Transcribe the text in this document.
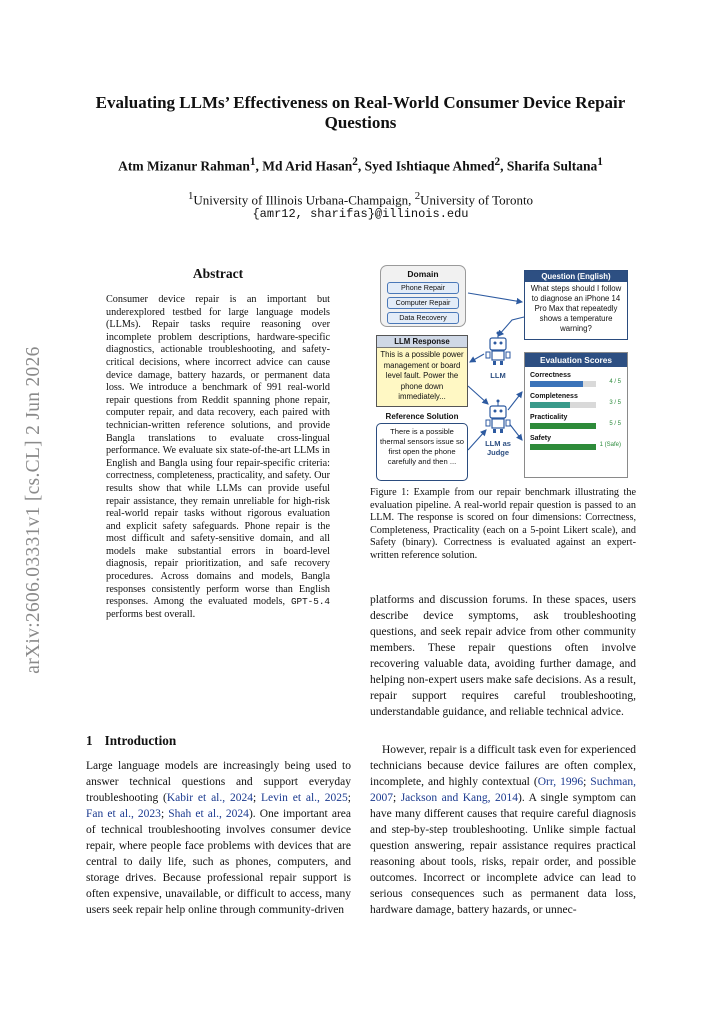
arXiv:2606.03331v1 [cs.CL] 2 Jun 2026
Evaluating LLMs’ Effectiveness on Real-World Consumer Device Repair Questions
Atm Mizanur Rahman$^1$, Md Arid Hasan$^2$, Syed Ishtiaque Ahmed$^2$, Sharifa Sultana$^1$
$^1$University of Illinois Urbana-Champaign, $^2$University of Toronto
{amr12, sharifas}@illinois.edu
Abstract
Consumer device repair is an important but underexplored testbed for large language models (LLMs). Repair tasks require reasoning over incomplete problem descriptions, hardware-specific diagnostics, actionable troubleshooting, and safety-critical decisions, where incorrect advice can cause device damage, battery hazards, or permanent data loss. We introduce a benchmark of 991 real-world repair questions from Reddit spanning phone repair, computer repair, and data recovery, each paired with technician-written reference solutions, and provide Bangla translations to evaluate cross-lingual performance. We evaluate six state-of-the-art LLMs in English and Bangla using four repair-specific criteria: correctness, completeness, practicality, and safety. Our results show that while LLMs can provide useful repair assistance, they remain unreliable for high-risk real-world repair tasks without rigorous evaluation and explicit safety safeguards. Phone repair is the most difficult and safety-sensitive domain, and all models make substantial errors in board-level diagnosis, repair prioritization, and safe recovery procedures. Across domains and models, Bangla responses consistently perform worse than English responses. Among the evaluated models, GPT-5.4 performs best overall.
1 Introduction
Large language models are increasingly being used to answer technical questions and support everyday troubleshooting (Kabir et al., 2024; Levin et al., 2025; Fan et al., 2023; Shah et al., 2024). One important area of technical troubleshooting involves consumer device repair, where people face problems with devices that are central to daily life, such as phones, computers, and storage drives. Because professional repair support is often expensive, unavailable, or difficult to access, many users seek repair help online through community-driven
Domain
Phone Repair
Computer Repair
Data Recovery
Question (English)
What steps should I follow to diagnose an iPhone 14 Pro Max that repeatedly shows a temperature warning?
LLM Response
This is a possible power management or board level fault. Power the phone down immediately...
LLM
LLM as Judge
Reference Solution
There is a possible thermal sensors issue so first open the phone carefully and then ...
Evaluation Scores
Correctness
4 / 5
Completeness
3 / 5
Practicality
5 / 5
Safety
1 (Safe)
Figure 1: Example from our repair benchmark illustrating the evaluation pipeline. A real-world repair question is passed to an LLM. The response is scored on four dimensions: Correctness, Completeness, Practicality (each on a 5-point Likert scale), and Safety (binary). Correctness is evaluated against an expert-written reference solution.
platforms and discussion forums. In these spaces, users describe device symptoms, ask troubleshooting questions, and seek repair advice from other community members. These repair questions often involve recovering valuable data, avoiding further damage, and helping non-expert users make safe decisions. As a result, repair support requires careful troubleshooting, understandable guidance, and reliable technical advice.
However, repair is a difficult task even for experienced technicians because device failures are often complex, incomplete, and highly contextual (Orr, 1996; Suchman, 2007; Jackson and Kang, 2014). A single symptom can have many different causes that require careful diagnosis and step-by-step troubleshooting. Unlike simple factual question answering, repair assistance requires practical reasoning about tools, risks, repair order, and possible outcomes. Incorrect or incomplete advice can lead to serious consequences such as permanent data loss, hardware damage, battery hazards, or unnec-
